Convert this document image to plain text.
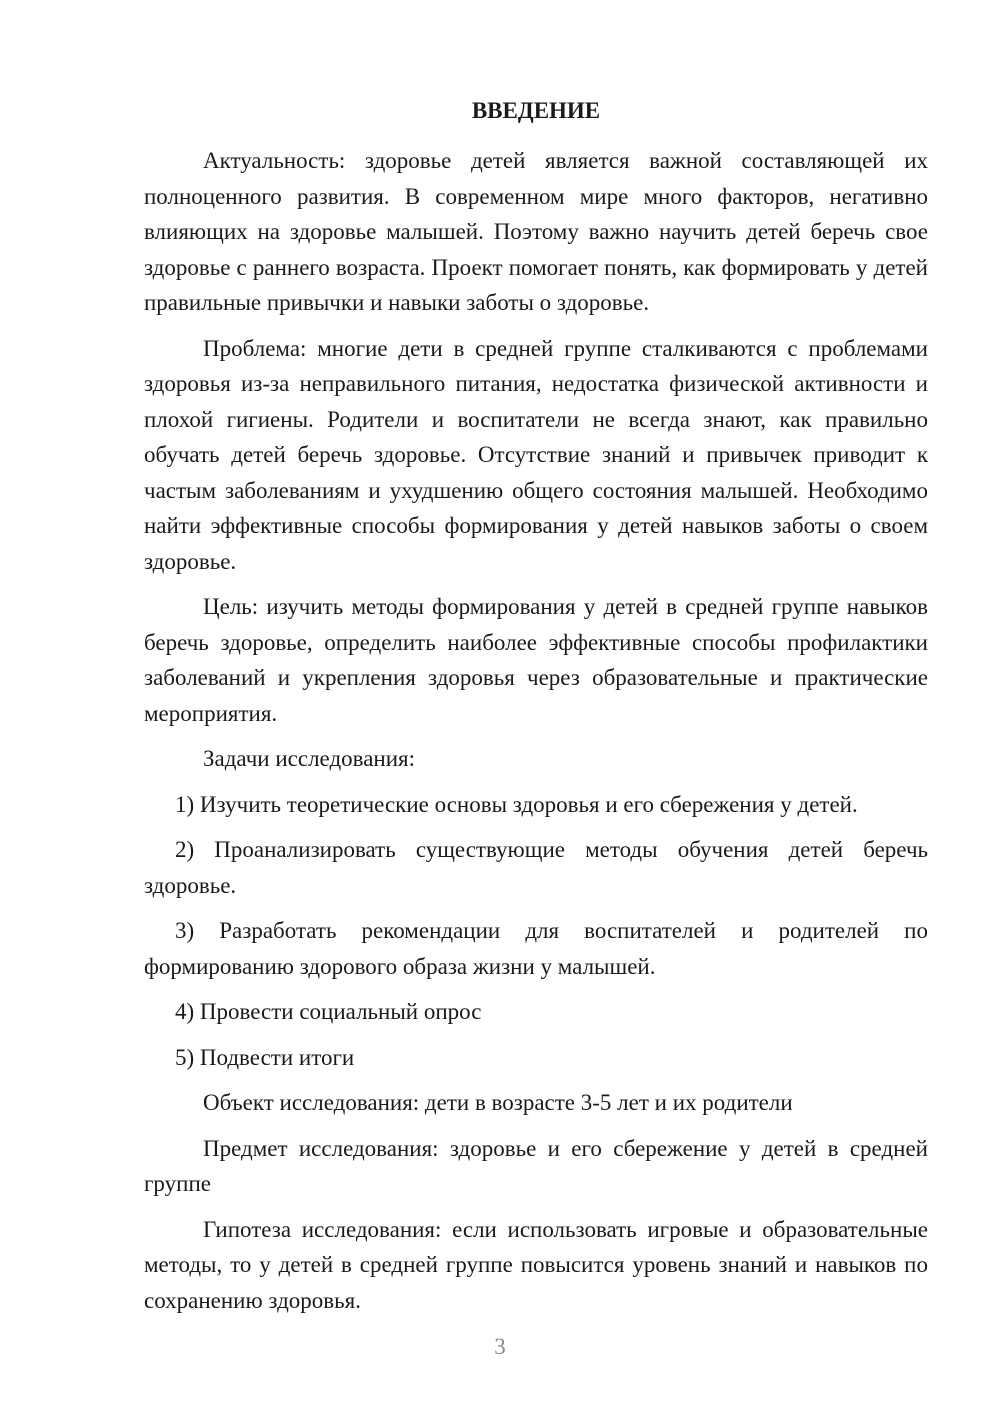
ВВЕДЕНИЕ

Актуальность: здоровье детей является важной составляющей их полноценного развития. В современном мире много факторов, негативно влияющих на здоровье малышей. Поэтому важно научить детей беречь свое здоровье с раннего возраста. Проект помогает понять, как формировать у детей правильные привычки и навыки заботы о здоровье.

Проблема: многие дети в средней группе сталкиваются с проблемами здоровья из-за неправильного питания, недостатка физической активности и плохой гигиены. Родители и воспитатели не всегда знают, как правильно обучать детей беречь здоровье. Отсутствие знаний и привычек приводит к частым заболеваниям и ухудшению общего состояния малышей. Необходимо найти эффективные способы формирования у детей навыков заботы о своем здоровье.

Цель: изучить методы формирования у детей в средней группе навыков беречь здоровье, определить наиболее эффективные способы профилактики заболеваний и укрепления здоровья через образовательные и практические мероприятия.

Задачи исследования:

1) Изучить теоретические основы здоровья и его сбережения у детей.

2) Проанализировать существующие методы обучения детей беречь здоровье.

3) Разработать рекомендации для воспитателей и родителей по формированию здорового образа жизни у малышей.

4) Провести социальный опрос

5) Подвести итоги

Объект исследования: дети в возрасте 3-5 лет и их родители

Предмет исследования: здоровье и его сбережение у детей в средней группе

Гипотеза исследования: если использовать игровые и образовательные методы, то у детей в средней группе повысится уровень знаний и навыков по сохранению здоровья.

3
